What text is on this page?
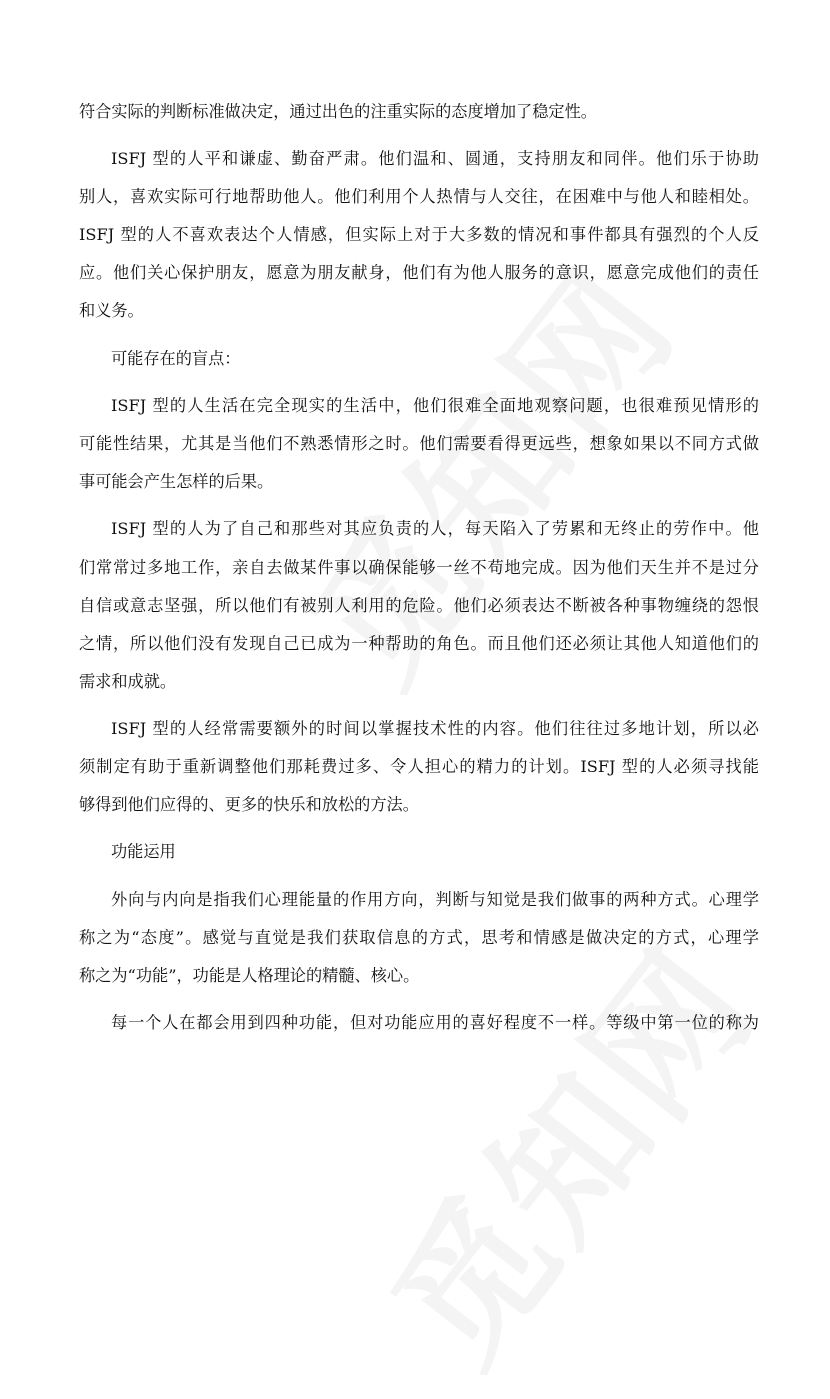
符合实际的判断标准做决定，通过出色的注重实际的态度增加了稳定性。
ISFJ 型的人平和谦虚、勤奋严肃。他们温和、圆通，支持朋友和同伴。他们乐于协助
别人，喜欢实际可行地帮助他人。他们利用个人热情与人交往，在困难中与他人和睦相处。
ISFJ 型的人不喜欢表达个人情感，但实际上对于大多数的情况和事件都具有强烈的个人反
应。他们关心保护朋友，愿意为朋友献身，他们有为他人服务的意识，愿意完成他们的责任
和义务。
可能存在的盲点：
ISFJ 型的人生活在完全现实的生活中，他们很难全面地观察问题，也很难预见情形的
可能性结果，尤其是当他们不熟悉情形之时。他们需要看得更远些，想象如果以不同方式做
事可能会产生怎样的后果。
ISFJ 型的人为了自己和那些对其应负责的人，每天陷入了劳累和无终止的劳作中。他
们常常过多地工作，亲自去做某件事以确保能够一丝不苟地完成。因为他们天生并不是过分
自信或意志坚强，所以他们有被别人利用的危险。他们必须表达不断被各种事物缠绕的怨恨
之情，所以他们没有发现自己已成为一种帮助的角色。而且他们还必须让其他人知道他们的
需求和成就。
ISFJ 型的人经常需要额外的时间以掌握技术性的内容。他们往往过多地计划，所以必
须制定有助于重新调整他们那耗费过多、令人担心的精力的计划。ISFJ 型的人必须寻找能
够得到他们应得的、更多的快乐和放松的方法。
功能运用
外向与内向是指我们心理能量的作用方向，判断与知觉是我们做事的两种方式。心理学
称之为“态度”。感觉与直觉是我们获取信息的方式，思考和情感是做决定的方式，心理学
称之为“功能”，功能是人格理论的精髓、核心。
每一个人在都会用到四种功能，但对功能应用的喜好程度不一样。等级中第一位的称为
